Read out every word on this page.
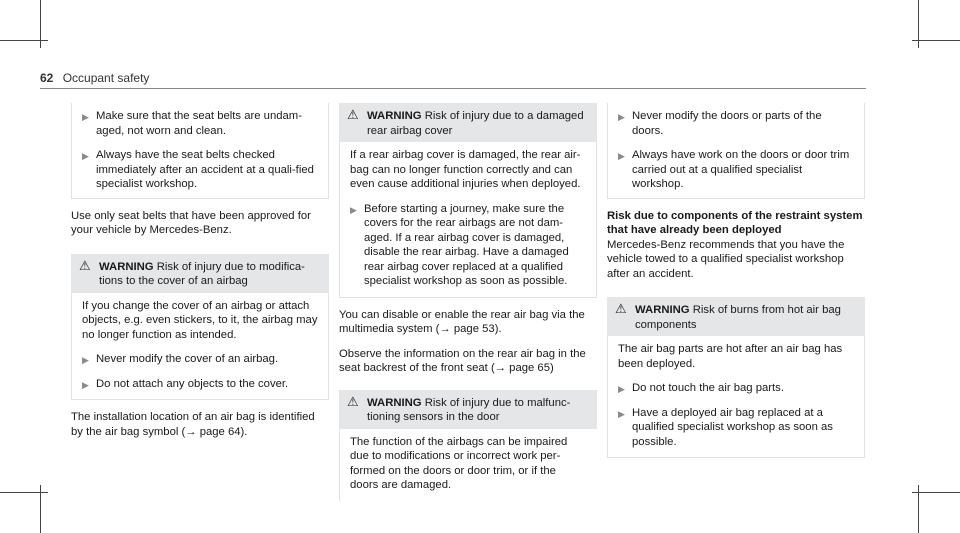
62 Occupant safety
▶ Make sure that the seat belts are undam-aged, not worn and clean.
▶ Always have the seat belts checked immediately after an accident at a quali-fied specialist workshop.

Use only seat belts that have been approved for your vehicle by Mercedes-Benz.

⚠ WARNING Risk of injury due to modifica-tions to the cover of an airbag

If you change the cover of an airbag or attach objects, e.g. even stickers, to it, the airbag may no longer function as intended.

▶ Never modify the cover of an airbag.
▶ Do not attach any objects to the cover.

The installation location of an air bag is identified by the air bag symbol (→ page 64).

⚠ WARNING Risk of injury due to a damaged rear airbag cover

If a rear airbag cover is damaged, the rear air-bag can no longer function correctly and can even cause additional injuries when deployed.

▶ Before starting a journey, make sure the covers for the rear airbags are not dam-aged. If a rear airbag cover is damaged, disable the rear airbag. Have a damaged rear airbag cover replaced at a qualified specialist workshop as soon as possible.

You can disable or enable the rear air bag via the multimedia system (→ page 53).

Observe the information on the rear air bag in the seat backrest of the front seat (→ page 65)

⚠ WARNING Risk of injury due to malfunc-tioning sensors in the door

The function of the airbags can be impaired due to modifications or incorrect work per-formed on the doors or door trim, or if the doors are damaged.

▶ Never modify the doors or parts of the doors.
▶ Always have work on the doors or door trim carried out at a qualified specialist workshop.

Risk due to components of the restraint system that have already been deployed

Mercedes-Benz recommends that you have the vehicle towed to a qualified specialist workshop after an accident.

⚠ WARNING Risk of burns from hot air bag components

The air bag parts are hot after an air bag has been deployed.

▶ Do not touch the air bag parts.
▶ Have a deployed air bag replaced at a qualified specialist workshop as soon as possible.
